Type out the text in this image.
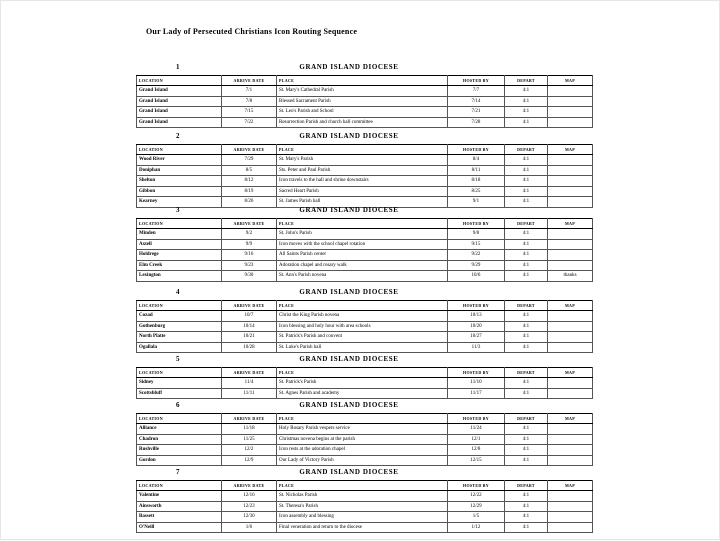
Our Lady of Persecuted Christians Icon Routing Sequence
1	GRAND ISLAND DIOCESE
LOCATION	ARRIVE DATE	PLACE	HOSTED BY	DEPART	MAP
Grand Island	7/1	St. Mary's Cathedral Parish	7/7	4:1	
Grand Island	7/8	Blessed Sacrament Parish	7/14	4:1	
Grand Island	7/15	St. Leo's Parish and School	7/21	4:1	
Grand Island	7/22	Resurrection Parish and church hall committee	7/28	4:1	
2	GRAND ISLAND DIOCESE
LOCATION	ARRIVE DATE	PLACE	HOSTED BY	DEPART	MAP
Wood River	7/29	St. Mary's Parish	8/4	4:1	
Doniphan	8/5	Sts. Peter and Paul Parish	8/11	4:1	
Shelton	8/12	Icon travels to the hall and shrine downstairs	8/18	4:1	
Gibbon	8/19	Sacred Heart Parish	8/25	4:1	
Kearney	8/26	St. James Parish hall	9/1	4:1	
3	GRAND ISLAND DIOCESE
LOCATION	ARRIVE DATE	PLACE	HOSTED BY	DEPART	MAP
Minden	9/2	St. John's Parish	9/8	4:1	
Axtell	9/9	Icon moves with the school chapel rotation	9/15	4:1	
Holdrege	9/16	All Saints Parish center	9/22	4:1	
Elm Creek	9/23	Adoration chapel and rosary walk	9/29	4:1	
Lexington	9/30	St. Ann's Parish novena	10/6	4:1	thanks
4	GRAND ISLAND DIOCESE
LOCATION	ARRIVE DATE	PLACE	HOSTED BY	DEPART	MAP
Cozad	10/7	Christ the King Parish novena	10/13	4:1	
Gothenburg	10/14	Icon blessing and holy hour with area schools	10/20	4:1	
North Platte	10/21	St. Patrick's Parish and convent	10/27	4:1	
Ogallala	10/28	St. Luke's Parish hall	11/3	4:1	
5	GRAND ISLAND DIOCESE
LOCATION	ARRIVE DATE	PLACE	HOSTED BY	DEPART	MAP
Sidney	11/4	St. Patrick's Parish	11/10	4:1	
Scottsbluff	11/11	St. Agnes Parish and academy	11/17	4:1	
6	GRAND ISLAND DIOCESE
LOCATION	ARRIVE DATE	PLACE	HOSTED BY	DEPART	MAP
Alliance	11/18	Holy Rosary Parish vespers service	11/24	4:1	
Chadron	11/25	Christmas novena begins at the parish	12/1	4:1	
Rushville	12/2	Icon rests at the adoration chapel	12/8	4:1	
Gordon	12/9	Our Lady of Victory Parish	12/15	4:1	
7	GRAND ISLAND DIOCESE
LOCATION	ARRIVE DATE	PLACE	HOSTED BY	DEPART	MAP
Valentine	12/16	St. Nicholas Parish	12/22	4:1	
Ainsworth	12/23	St. Theresa's Parish	12/29	4:1	
Bassett	12/30	Icon assembly and blessing	1/5	4:1	
O'Neill	1/6	Final veneration and return to the diocese	1/12	4:1	
